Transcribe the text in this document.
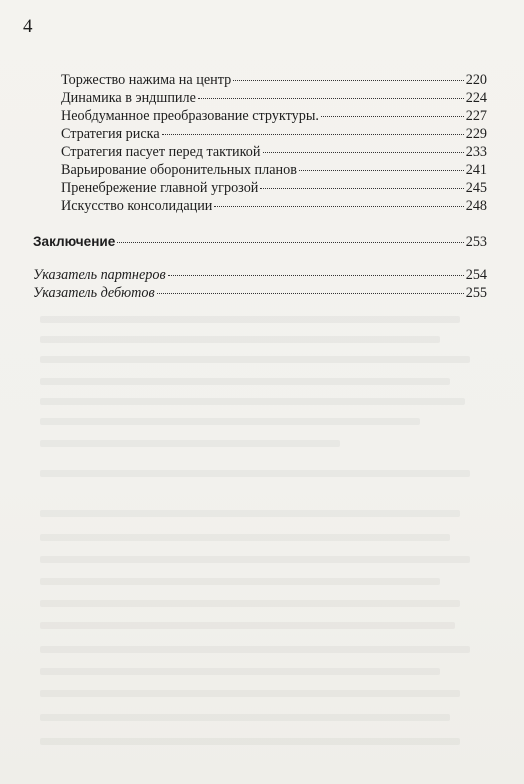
4
Торжество нажима на центр	220
Динамика в эндшпиле	224
Необдуманное преобразование структуры.	227
Стратегия риска	229
Стратегия пасует перед тактикой	233
Варьирование оборонительных планов	241
Пренебрежение главной угрозой	245
Искусство консолидации	248
Заключение	253
Указатель партнеров	254
Указатель дебютов	255
